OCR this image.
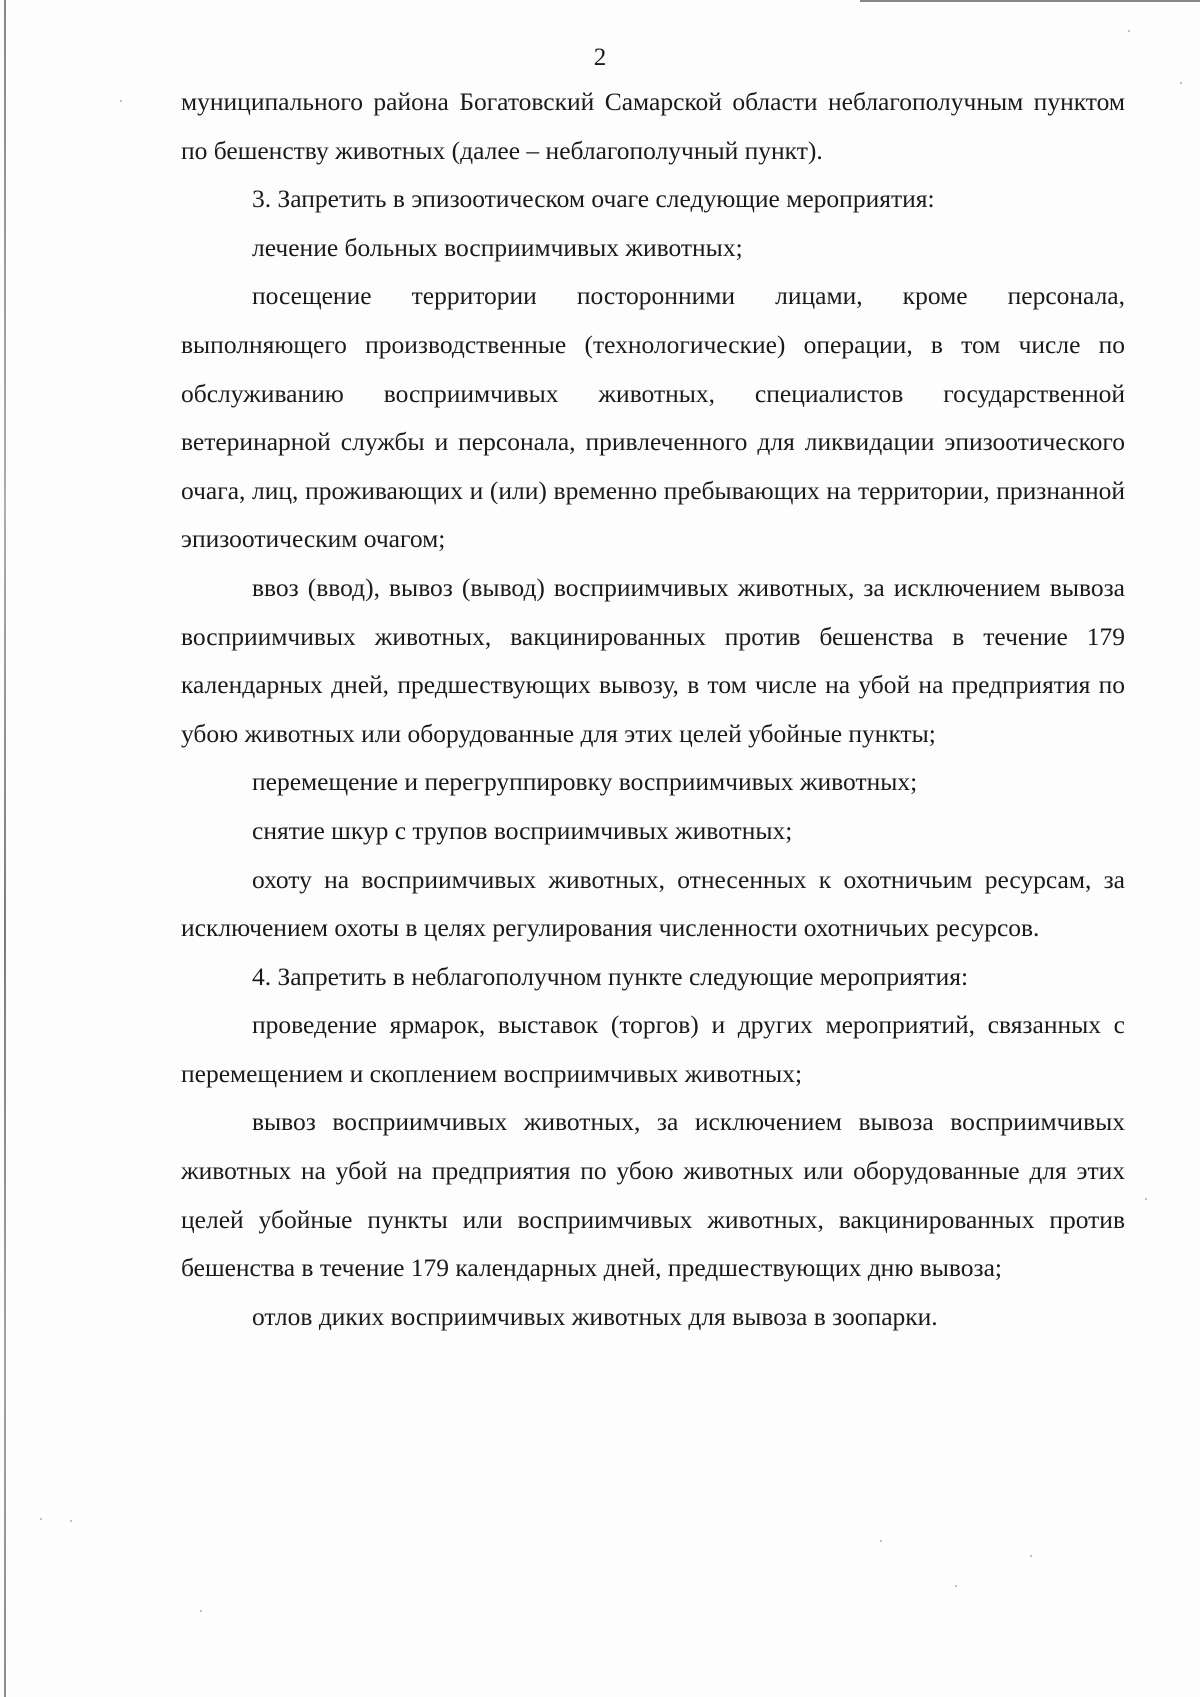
2

муниципального района Богатовский Самарской области неблагополучным пунктом по бешенству животных (далее – неблагополучный пункт).

3. Запретить в эпизоотическом очаге следующие мероприятия:

лечение больных восприимчивых животных;

посещение территории посторонними лицами, кроме персонала, выполняющего производственные (технологические) операции, в том числе по обслуживанию восприимчивых животных, специалистов государственной ветеринарной службы и персонала, привлеченного для ликвидации эпизоотического очага, лиц, проживающих и (или) временно пребывающих на территории, признанной эпизоотическим очагом;

ввоз (ввод), вывоз (вывод) восприимчивых животных, за исключением вывоза восприимчивых животных, вакцинированных против бешенства в течение 179 календарных дней, предшествующих вывозу, в том числе на убой на предприятия по убою животных или оборудованные для этих целей убойные пункты;

перемещение и перегруппировку восприимчивых животных;

снятие шкур с трупов восприимчивых животных;

охоту на восприимчивых животных, отнесенных к охотничьим ресурсам, за исключением охоты в целях регулирования численности охотничьих ресурсов.

4. Запретить в неблагополучном пункте следующие мероприятия:

проведение ярмарок, выставок (торгов) и других мероприятий, связанных с перемещением и скоплением восприимчивых животных;

вывоз восприимчивых животных, за исключением вывоза восприимчивых животных на убой на предприятия по убою животных или оборудованные для этих целей убойные пункты или восприимчивых животных, вакцинированных против бешенства в течение 179 календарных дней, предшествующих дню вывоза;

отлов диких восприимчивых животных для вывоза в зоопарки.
